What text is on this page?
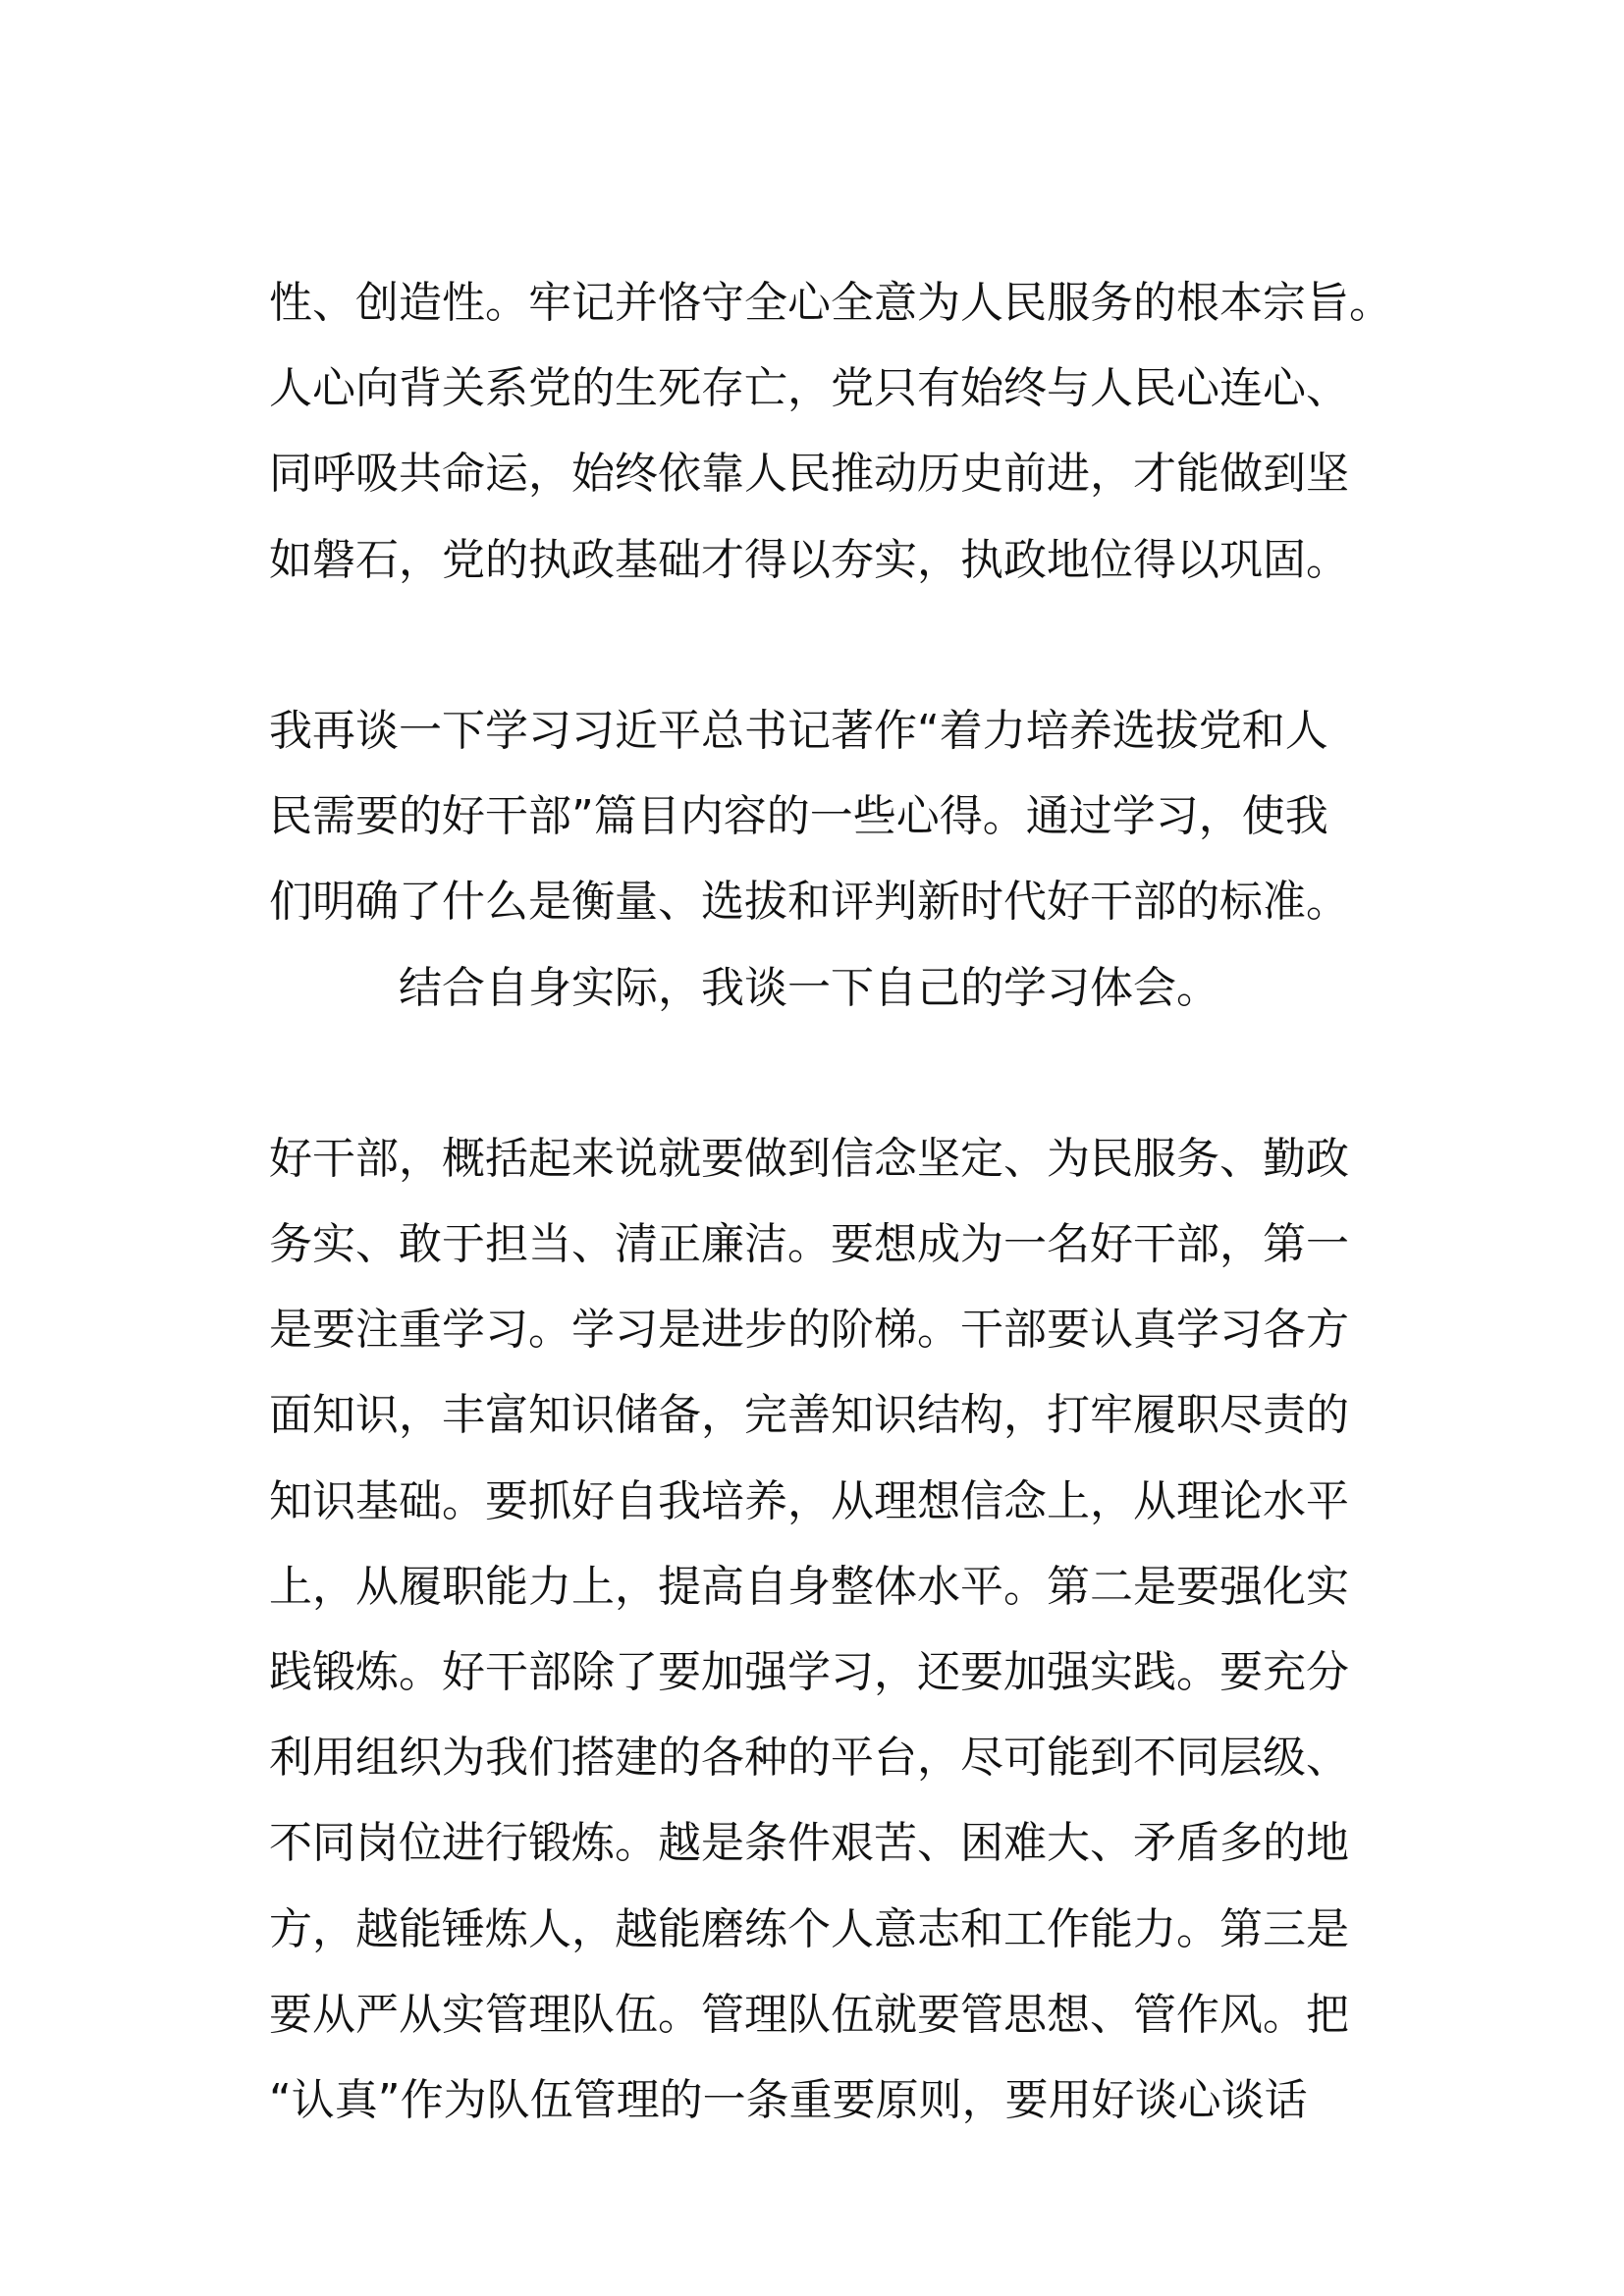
性、创造性。牢记并恪守全心全意为人民服务的根本宗旨。
人心向背关系党的生死存亡，党只有始终与人民心连心、
同呼吸共命运，始终依靠人民推动历史前进，才能做到坚
如磐石，党的执政基础才得以夯实，执政地位得以巩固。
我再谈一下学习习近平总书记著作“着力培养选拔党和人
民需要的好干部”篇目内容的一些心得。通过学习，使我
们明确了什么是衡量、选拔和评判新时代好干部的标准。
结合自身实际，我谈一下自己的学习体会。
好干部，概括起来说就要做到信念坚定、为民服务、勤政
务实、敢于担当、清正廉洁。要想成为一名好干部，第一
是要注重学习。学习是进步的阶梯。干部要认真学习各方
面知识，丰富知识储备，完善知识结构，打牢履职尽责的
知识基础。要抓好自我培养，从理想信念上，从理论水平
上，从履职能力上，提高自身整体水平。第二是要强化实
践锻炼。好干部除了要加强学习，还要加强实践。要充分
利用组织为我们搭建的各种的平台，尽可能到不同层级、
不同岗位进行锻炼。越是条件艰苦、困难大、矛盾多的地
方，越能锤炼人，越能磨练个人意志和工作能力。第三是
要从严从实管理队伍。管理队伍就要管思想、管作风。把
“认真”作为队伍管理的一条重要原则，要用好谈心谈话
